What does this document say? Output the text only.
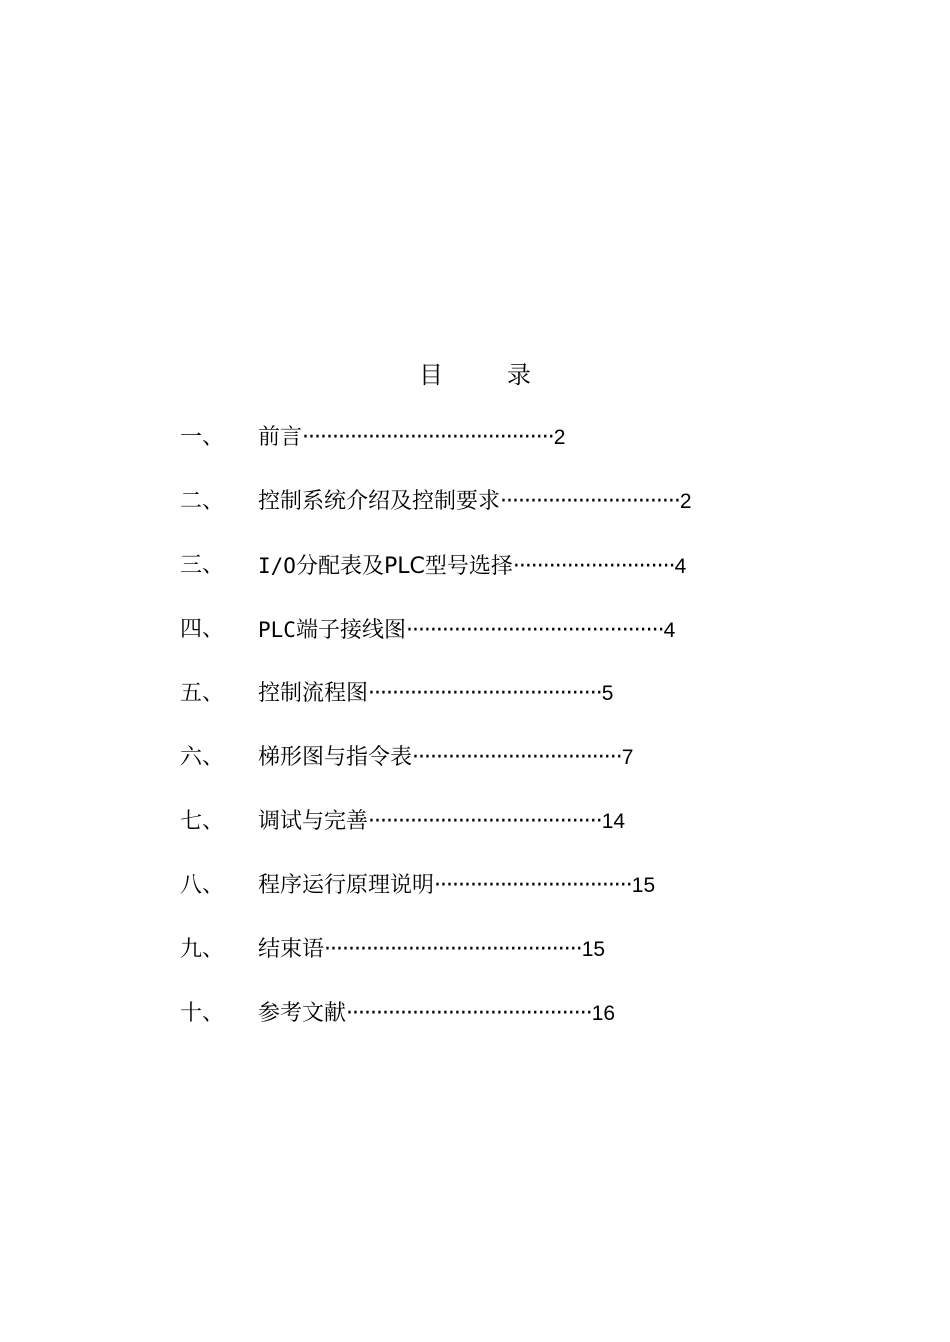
目	录
一、	前言··········································2
二、	控制系统介绍及控制要求······························2
三、	I/O分配表及PLC型号选择···························4
四、	PLC端子接线图···········································4
五、	控制流程图·······································5
六、	梯形图与指令表···································7
七、	调试与完善·······································14
八、	程序运行原理说明·································15
九、	结束语···········································15
十、	参考文献·········································16
